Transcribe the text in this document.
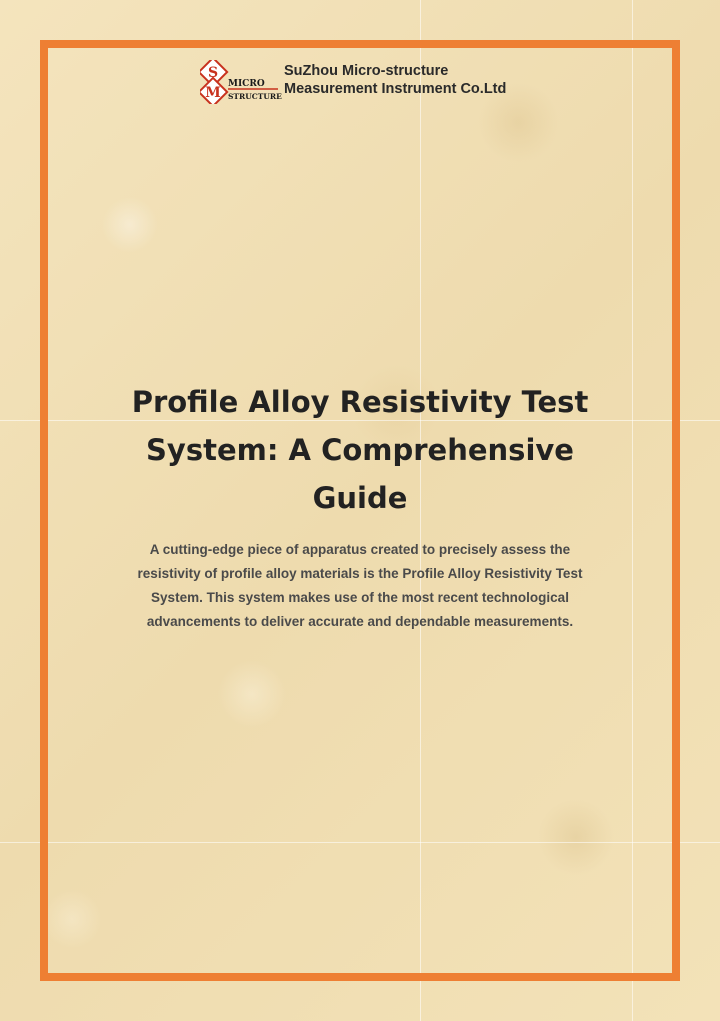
S
M
MICRO
STRUCTURE
SuZhou Micro-structure
Measurement Instrument Co.Ltd
Profile Alloy Resistivity Test
System: A Comprehensive
Guide

A cutting-edge piece of apparatus created to precisely assess the resistivity of profile alloy materials is the Profile Alloy Resistivity Test System. This system makes use of the most recent technological advancements to deliver accurate and dependable measurements.
